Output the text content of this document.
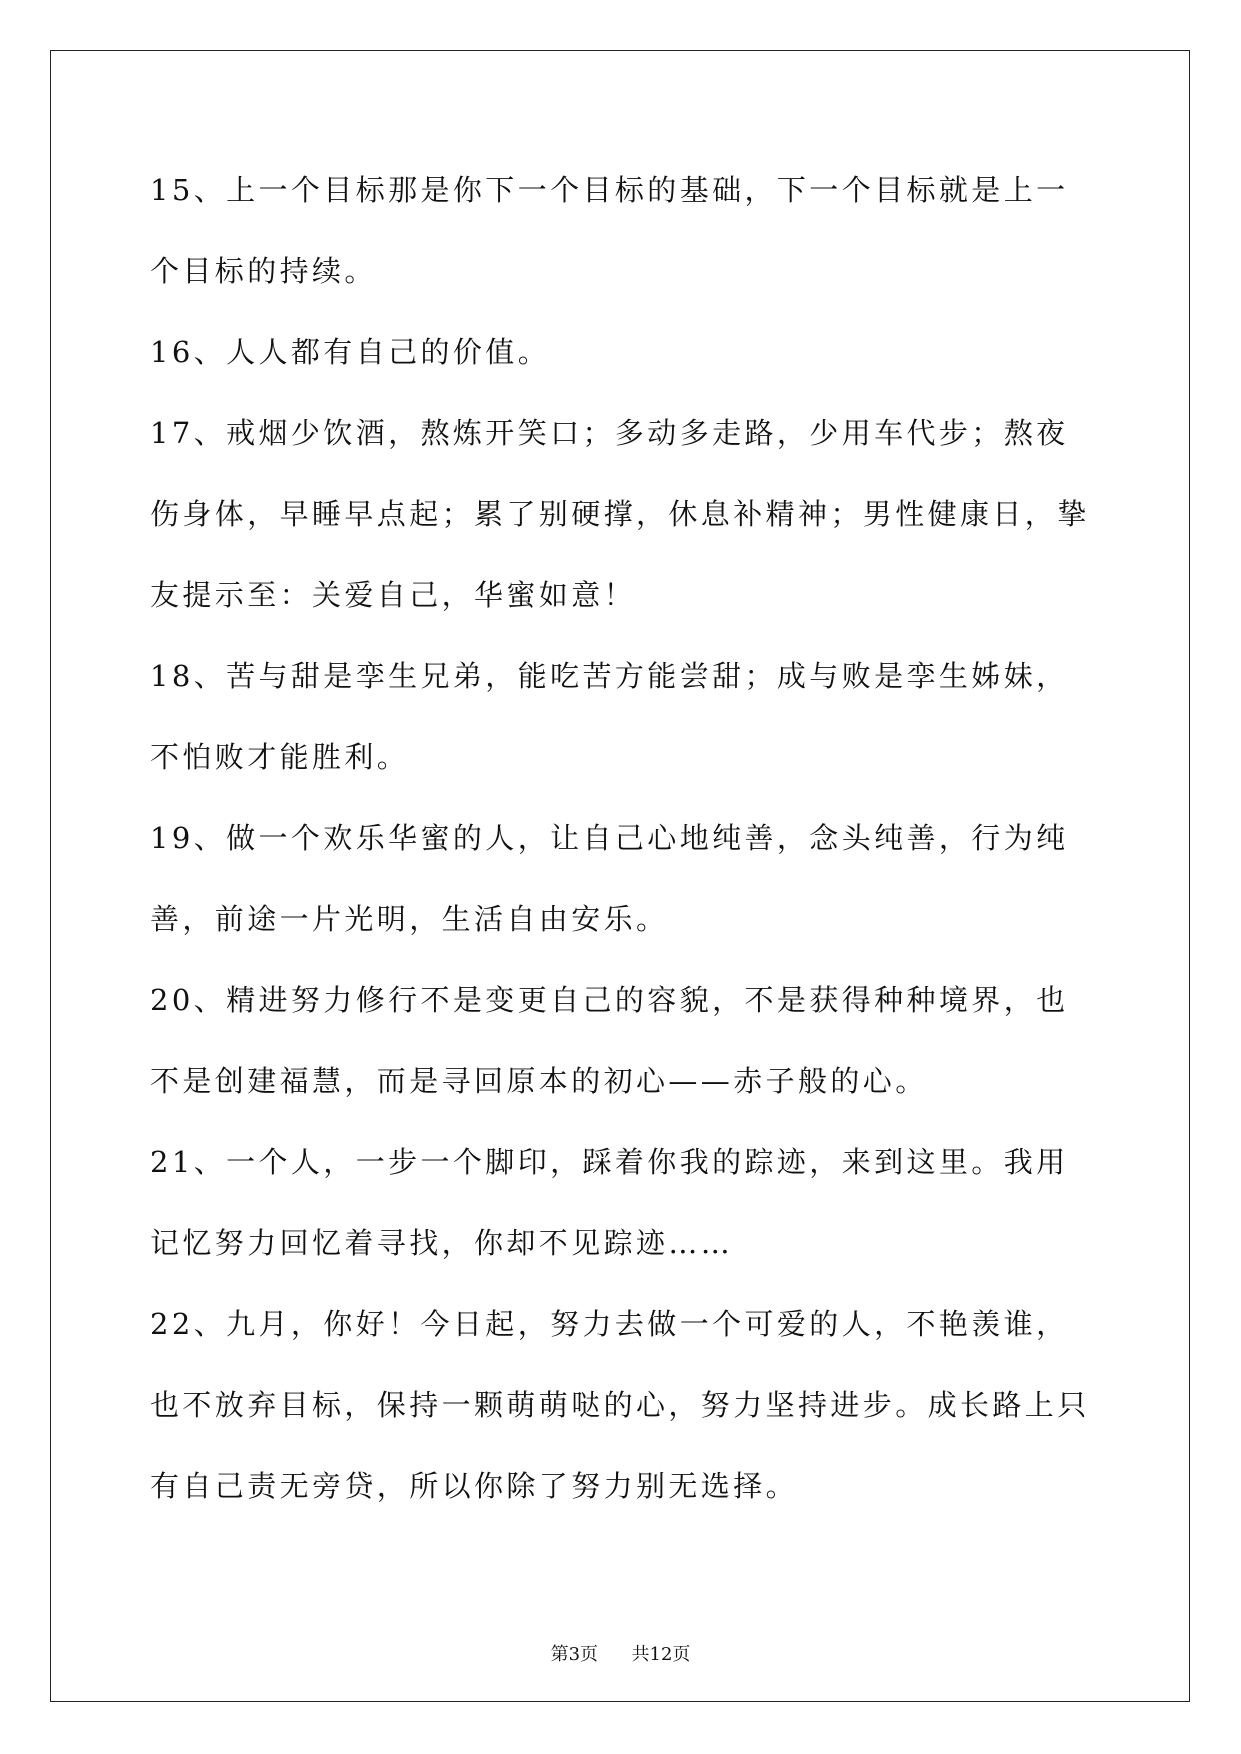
15、上一个目标那是你下一个目标的基础，下一个目标就是上一个目标的持续。

16、人人都有自己的价值。

17、戒烟少饮酒，熬炼开笑口；多动多走路，少用车代步；熬夜伤身体，早睡早点起；累了别硬撑，休息补精神；男性健康日，挚友提示至：关爱自己，华蜜如意！

18、苦与甜是孪生兄弟，能吃苦方能尝甜；成与败是孪生姊妹，不怕败才能胜利。

19、做一个欢乐华蜜的人，让自己心地纯善，念头纯善，行为纯善，前途一片光明，生活自由安乐。

20、精进努力修行不是变更自己的容貌，不是获得种种境界，也不是创建福慧，而是寻回原本的初心——赤子般的心。

21、一个人，一步一个脚印，踩着你我的踪迹，来到这里。我用记忆努力回忆着寻找，你却不见踪迹……

22、九月，你好！今日起，努力去做一个可爱的人，不艳羡谁，也不放弃目标，保持一颗萌萌哒的心，努力坚持进步。成长路上只有自己责无旁贷，所以你除了努力别无选择。

第3页 共12页
